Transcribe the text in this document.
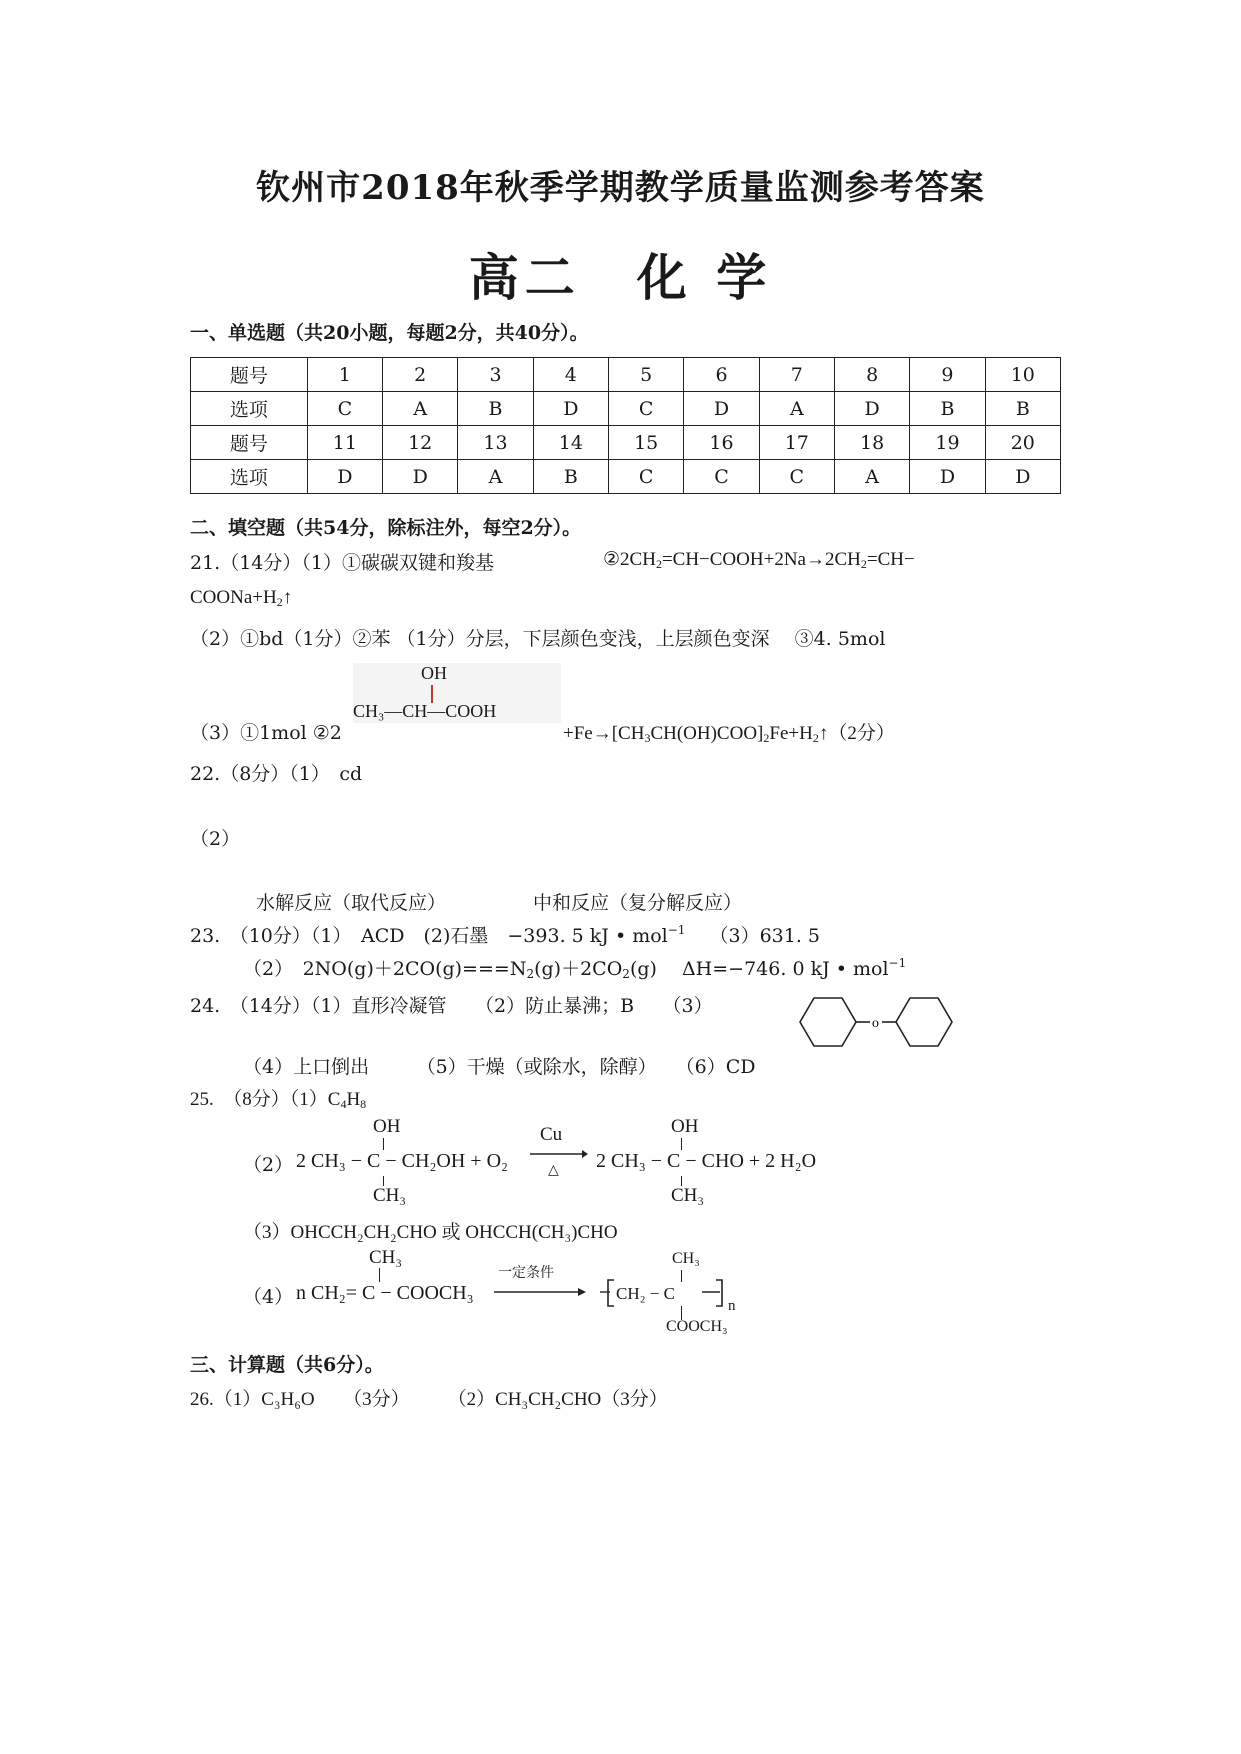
钦州市2018年秋季学期教学质量监测参考答案
高二　化 学
一、单选题（共20小题，每题2分，共40分）。
题号	1	2	3	4	5	6	7	8	9	10
选项	C	A	B	D	C	D	A	D	B	B
题号	11	12	13	14	15	16	17	18	19	20
选项	D	D	A	B	C	C	C	A	D	D
二、填空题（共54分，除标注外，每空2分）。
21.（14分）（1）①碳碳双键和羧基	$②2CH_2=CH-COOH+2Na\to 2CH_2=CH-$
$COONa+H_2↑$
（2）①bd（1分）②苯 （1分）分层，下层颜色变浅，上层颜色变深　 ③4. 5mol
OH
CH₃—CH—COOH
（3）①1mol ②2	$+Fe\to[CH_3CH(OH)COO]_2Fe+H_2↑(2$分）
22.（8分）（1）　cd
（2）
水解反应（取代反应）	中和反应（复分解反应）
23.　（10分）（1）　ACD　(2)石墨　−393. 5 kJ • mol$^{-1}$ （3）631. 5
（2）　$2NO(g)+2CO(g)===N_2(g)+2CO_2(g)$　 ΔH=−746. 0 kJ • mol$^{-1}$
24.　（14分）（1）直形冷凝管　　（2）防止暴沸；B　　（3）
o
（4）上口倒出　　　（5）干燥（或除水，除醇）　　（6）CD
25.　（8分）$(1)C_4H_8$
（2）
OH
2 CH₃ − C − CH₂OH + O₂
CH₃
Cu
△
OH
2 CH₃ − C − CHO + 2 H₂O
CH₃
（3）OHCCH₂CH₂CHO 或 OHCCH(CH₃)CHO
（4）
CH₃
n CH₂= C − COOCH₃
一定条件
CH₃
CH₂ − C
n
COOCH₃
三、计算题（共6分）。
26.（1）C₃H₆O　　（3分）　　　（2）CH₃CH₂CHO（3分）
